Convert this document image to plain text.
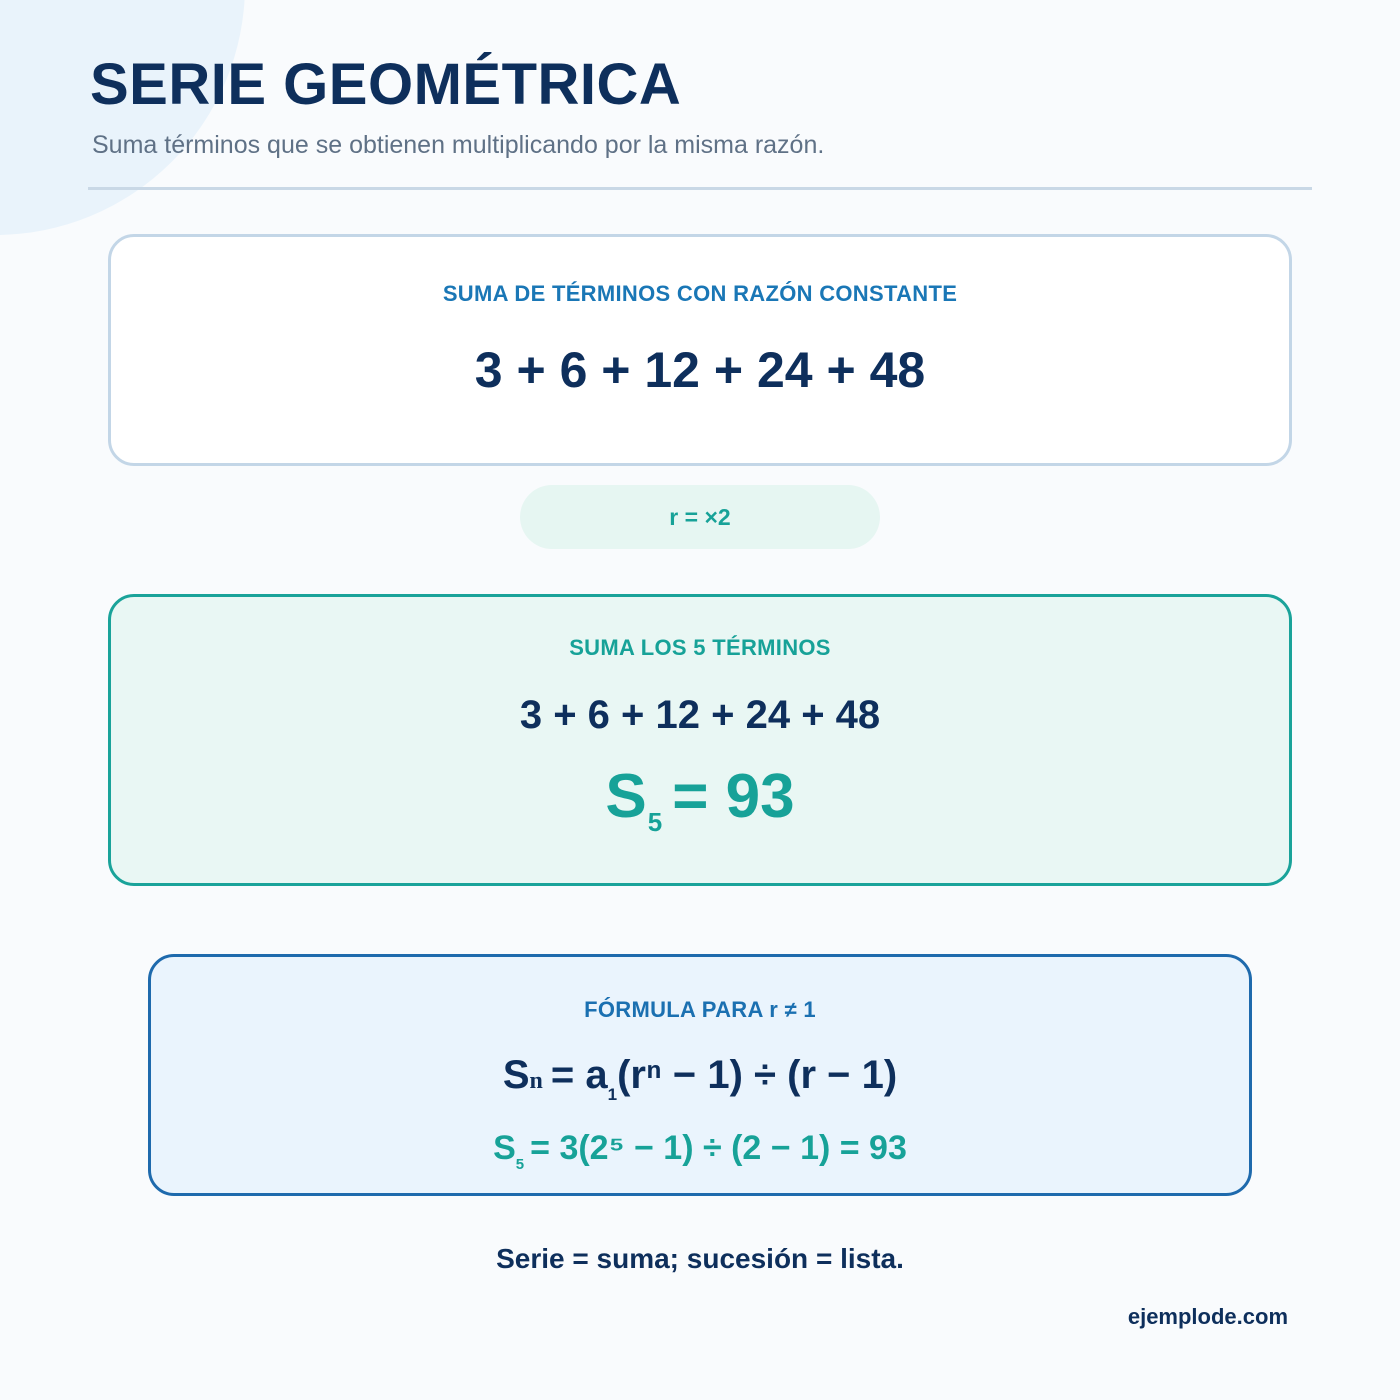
SERIE GEOMÉTRICA
Suma términos que se obtienen multiplicando por la misma razón.
SUMA DE TÉRMINOS CON RAZÓN CONSTANTE
3 + 6 + 12 + 24 + 48
r = ×2
SUMA LOS 5 TÉRMINOS
3 + 6 + 12 + 24 + 48
$S_5 = 93$
FÓRMULA PARA r ≠ 1
$Sn = a_1(r^n - 1) \div (r - 1)$
$S_5 = 3(2^5 - 1) \div (2 - 1) = 93$
Serie = suma; sucesión = lista.
ejemplode.com
